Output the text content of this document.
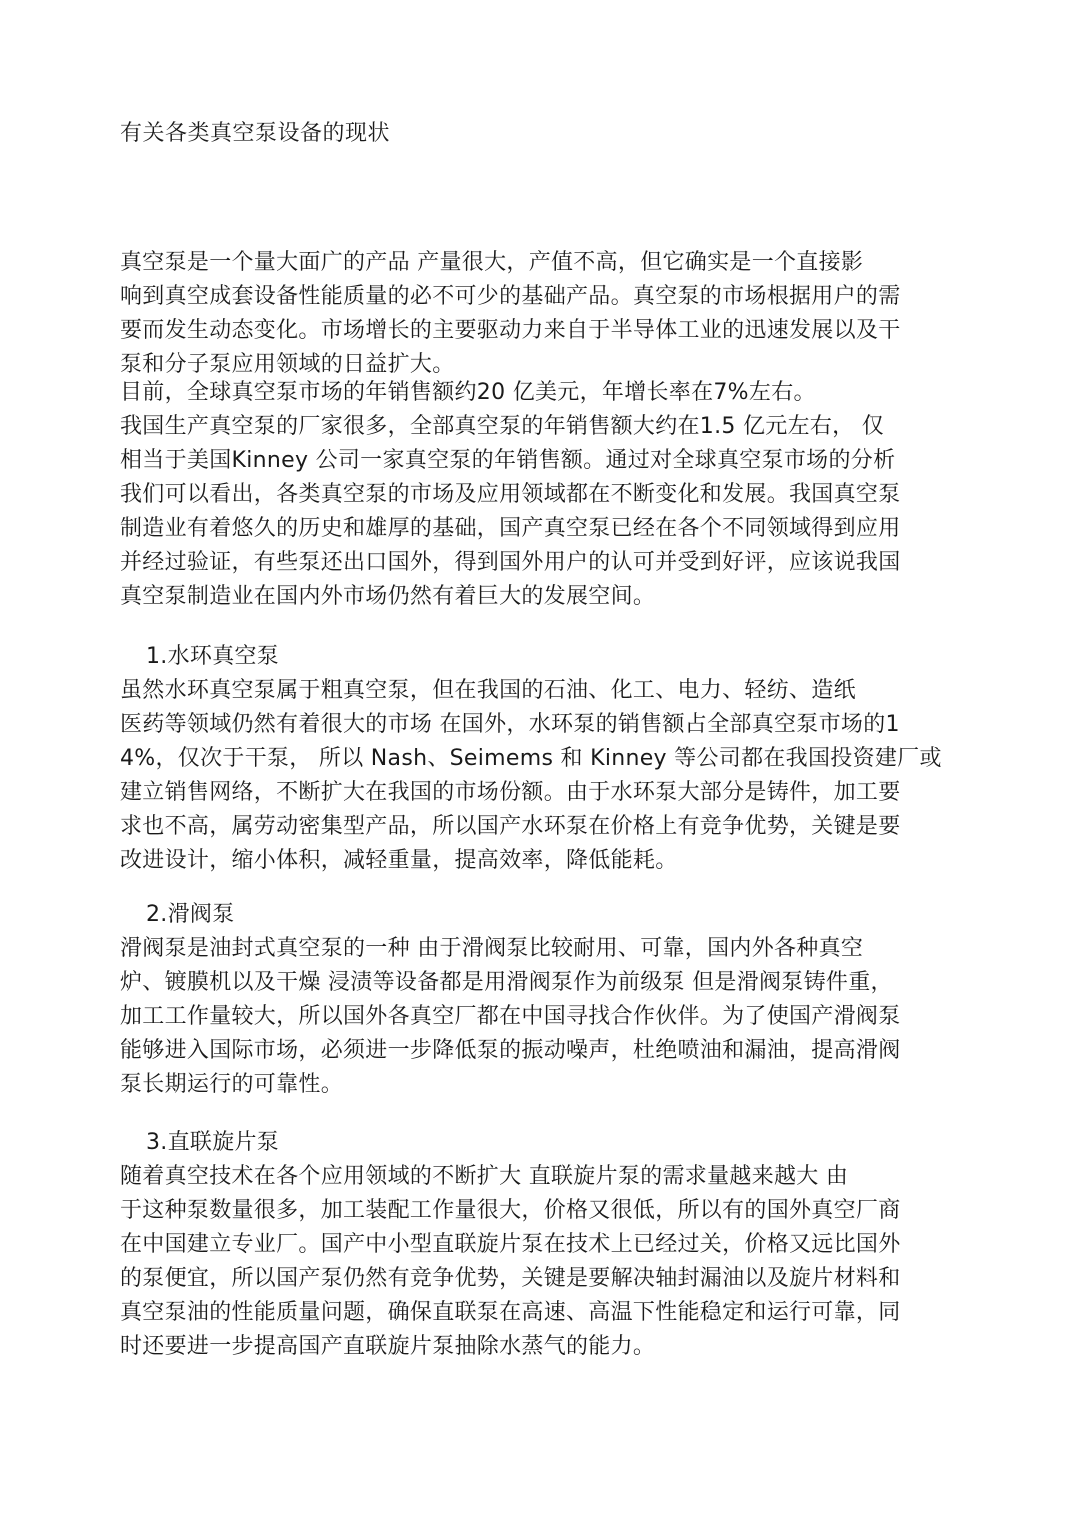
有关各类真空泵设备的现状
真空泵是一个量大面广的产品 产量很大，产值不高，但它确实是一个直接影
响到真空成套设备性能质量的必不可少的基础产品。真空泵的市场根据用户的需
要而发生动态变化。市场增长的主要驱动力来自于半导体工业的迅速发展以及干
泵和分子泵应用领域的日益扩大。
目前，全球真空泵市场的年销售额约20 亿美元，年增长率在7%左右。
我国生产真空泵的厂家很多，全部真空泵的年销售额大约在1.5 亿元左右， 仅
相当于美国Kinney 公司一家真空泵的年销售额。通过对全球真空泵市场的分析
我们可以看出，各类真空泵的市场及应用领域都在不断变化和发展。我国真空泵
制造业有着悠久的历史和雄厚的基础，国产真空泵已经在各个不同领域得到应用
并经过验证，有些泵还出口国外，得到国外用户的认可并受到好评，应该说我国
真空泵制造业在国内外市场仍然有着巨大的发展空间。
1.水环真空泵
虽然水环真空泵属于粗真空泵，但在我国的石油、化工、电力、轻纺、造纸
医药等领域仍然有着很大的市场 在国外，水环泵的销售额占全部真空泵市场的1
4%，仅次于干泵， 所以 Nash、Seimems 和 Kinney 等公司都在我国投资建厂或
建立销售网络，不断扩大在我国的市场份额。由于水环泵大部分是铸件，加工要
求也不高，属劳动密集型产品，所以国产水环泵在价格上有竞争优势，关键是要
改进设计，缩小体积，减轻重量，提高效率，降低能耗。
2.滑阀泵
滑阀泵是油封式真空泵的一种 由于滑阀泵比较耐用、可靠，国内外各种真空
炉、镀膜机以及干燥 浸渍等设备都是用滑阀泵作为前级泵 但是滑阀泵铸件重，
加工工作量较大，所以国外各真空厂都在中国寻找合作伙伴。为了使国产滑阀泵
能够进入国际市场，必须进一步降低泵的振动噪声，杜绝喷油和漏油，提高滑阀
泵长期运行的可靠性。
3.直联旋片泵
随着真空技术在各个应用领域的不断扩大 直联旋片泵的需求量越来越大 由
于这种泵数量很多，加工装配工作量很大，价格又很低，所以有的国外真空厂商
在中国建立专业厂。国产中小型直联旋片泵在技术上已经过关，价格又远比国外
的泵便宜，所以国产泵仍然有竞争优势，关键是要解决轴封漏油以及旋片材料和
真空泵油的性能质量问题，确保直联泵在高速、高温下性能稳定和运行可靠，同
时还要进一步提高国产直联旋片泵抽除水蒸气的能力。
